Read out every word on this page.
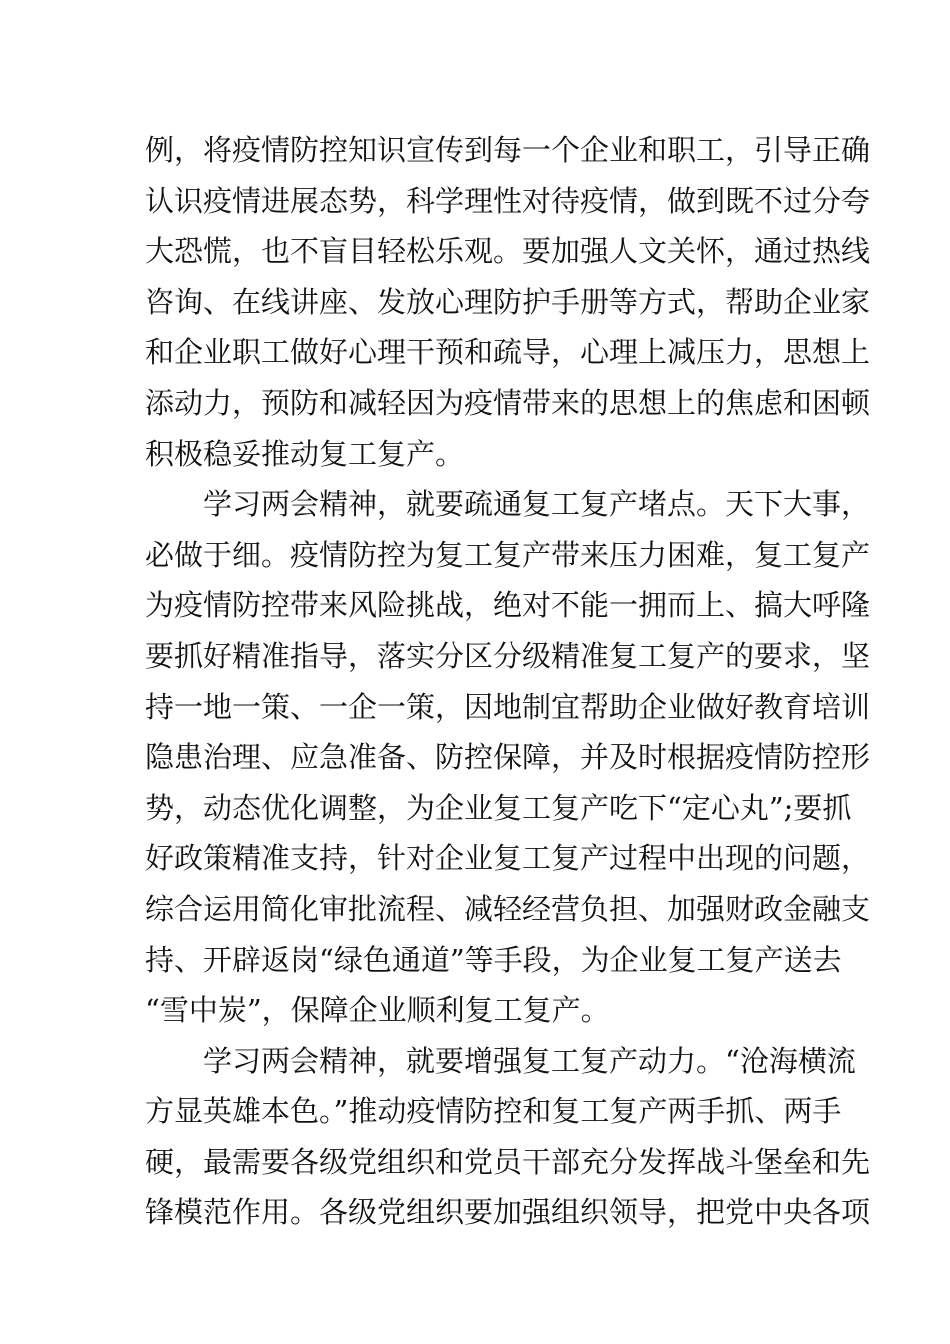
例，将疫情防控知识宣传到每一个企业和职工，引导正确
认识疫情进展态势，科学理性对待疫情，做到既不过分夸
大恐慌，也不盲目轻松乐观。要加强人文关怀，通过热线
咨询、在线讲座、发放心理防护手册等方式，帮助企业家
和企业职工做好心理干预和疏导，心理上减压力，思想上
添动力，预防和减轻因为疫情带来的思想上的焦虑和困顿
积极稳妥推动复工复产。
学习两会精神，就要疏通复工复产堵点。天下大事，
必做于细。疫情防控为复工复产带来压力困难，复工复产
为疫情防控带来风险挑战，绝对不能一拥而上、搞大呼隆
要抓好精准指导，落实分区分级精准复工复产的要求，坚
持一地一策、一企一策，因地制宜帮助企业做好教育培训
隐患治理、应急准备、防控保障，并及时根据疫情防控形
势，动态优化调整，为企业复工复产吃下“定心丸”;要抓
好政策精准支持，针对企业复工复产过程中出现的问题，
综合运用简化审批流程、减轻经营负担、加强财政金融支
持、开辟返岗“绿色通道”等手段，为企业复工复产送去
“雪中炭”，保障企业顺利复工复产。
学习两会精神，就要增强复工复产动力。“沧海横流
方显英雄本色。”推动疫情防控和复工复产两手抓、两手
硬，最需要各级党组织和党员干部充分发挥战斗堡垒和先
锋模范作用。各级党组织要加强组织领导，把党中央各项
